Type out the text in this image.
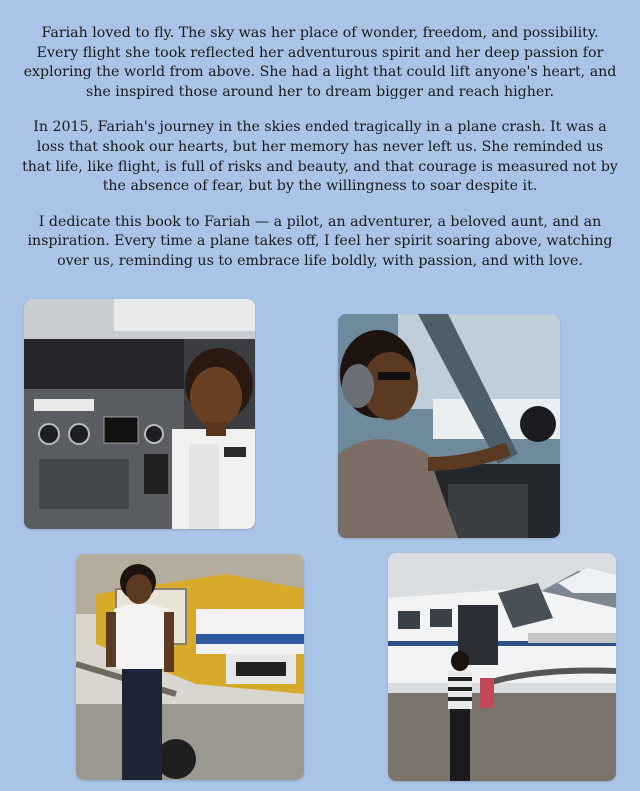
Fariah loved to fly. The sky was her place of wonder, freedom, and possibility. Every flight she took reflected her adventurous spirit and her deep passion for exploring the world from above. She had a light that could lift anyone's heart, and she inspired those around her to dream bigger and reach higher.

In 2015, Fariah's journey in the skies ended tragically in a plane crash. It was a loss that shook our hearts, but her memory has never left us. She reminded us that life, like flight, is full of risks and beauty, and that courage is measured not by the absence of fear, but by the willingness to soar despite it.

I dedicate this book to Fariah — a pilot, an adventurer, a beloved aunt, and an inspiration. Every time a plane takes off, I feel her spirit soaring above, watching over us, reminding us to embrace life boldly, with passion, and with love.
